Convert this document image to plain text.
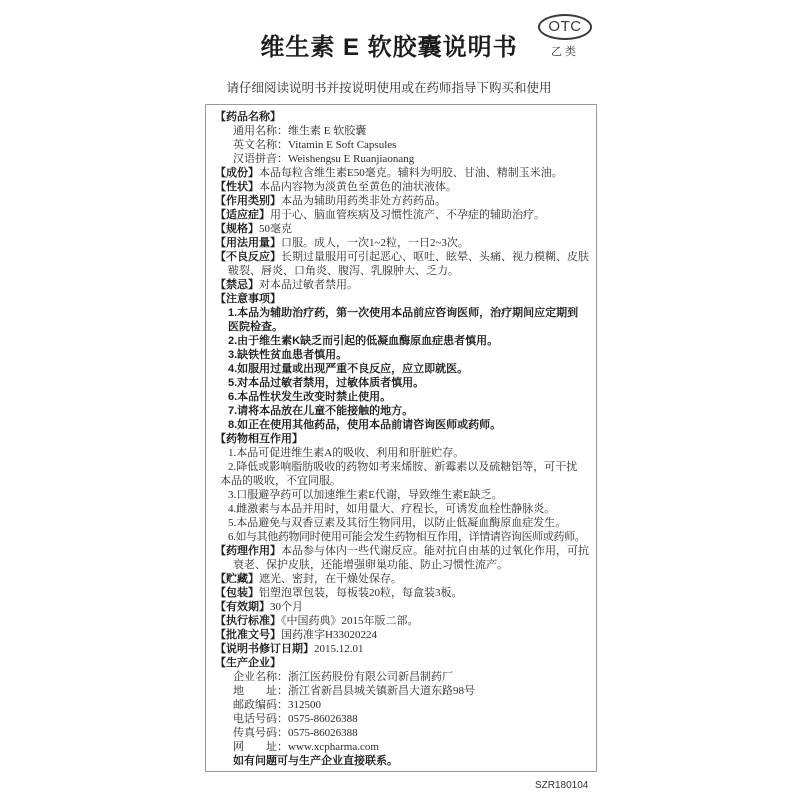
维生素 E 软胶囊说明书
OTC
乙 类
请仔细阅读说明书并按说明使用或在药师指导下购买和使用
【药品名称】
通用名称：维生素 E 软胶囊
英文名称：Vitamin E Soft Capsules
汉语拼音：Weishengsu E Ruanjiaonang
【成份】本品每粒含维生素E50毫克。辅料为明胶、甘油、精制玉米油。
【性状】本品内容物为淡黄色至黄色的油状液体。
【作用类别】本品为辅助用药类非处方药药品。
【适应症】用于心、脑血管疾病及习惯性流产、不孕症的辅助治疗。
【规格】50毫克
【用法用量】口服。成人，一次1~2粒，一日2~3次。
【不良反应】长期过量服用可引起恶心、呕吐、眩晕、头痛、视力模糊、皮肤
皲裂、唇炎、口角炎、腹泻、乳腺肿大、乏力。
【禁忌】对本品过敏者禁用。
【注意事项】
1.本品为辅助治疗药，第一次使用本品前应咨询医师，治疗期间应定期到
医院检查。
2.由于维生素K缺乏而引起的低凝血酶原血症患者慎用。
3.缺铁性贫血患者慎用。
4.如服用过量或出现严重不良反应，应立即就医。
5.对本品过敏者禁用，过敏体质者慎用。
6.本品性状发生改变时禁止使用。
7.请将本品放在儿童不能接触的地方。
8.如正在使用其他药品，使用本品前请咨询医师或药师。
【药物相互作用】
1.本品可促进维生素A的吸收、利用和肝脏贮存。
2.降低或影响脂肪吸收的药物如考来烯胺、新霉素以及硫糖铝等，可干扰
本品的吸收，不宜同服。
3.口服避孕药可以加速维生素E代谢，导致维生素E缺乏。
4.雌激素与本品并用时，如用量大、疗程长，可诱发血栓性静脉炎。
5.本品避免与双香豆素及其衍生物同用，以防止低凝血酶原血症发生。
6.如与其他药物同时使用可能会发生药物相互作用，详情请咨询医师或药师。
【药理作用】本品参与体内一些代谢反应。能对抗自由基的过氧化作用，可抗
衰老、保护皮肤，还能增强卵巢功能、防止习惯性流产。
【贮藏】遮光、密封，在干燥处保存。
【包装】铝塑泡罩包装，每板装20粒，每盒装3板。
【有效期】30个月
【执行标准】《中国药典》2015年版二部。
【批准文号】国药准字H33020224
【说明书修订日期】2015.12.01
【生产企业】
企业名称：浙江医药股份有限公司新昌制药厂
地　　址：浙江省新昌县城关镇新昌大道东路98号
邮政编码：312500
电话号码：0575-86026388
传真号码：0575-86026388
网　　址：www.xcpharma.com
如有问题可与生产企业直接联系。
SZR180104
